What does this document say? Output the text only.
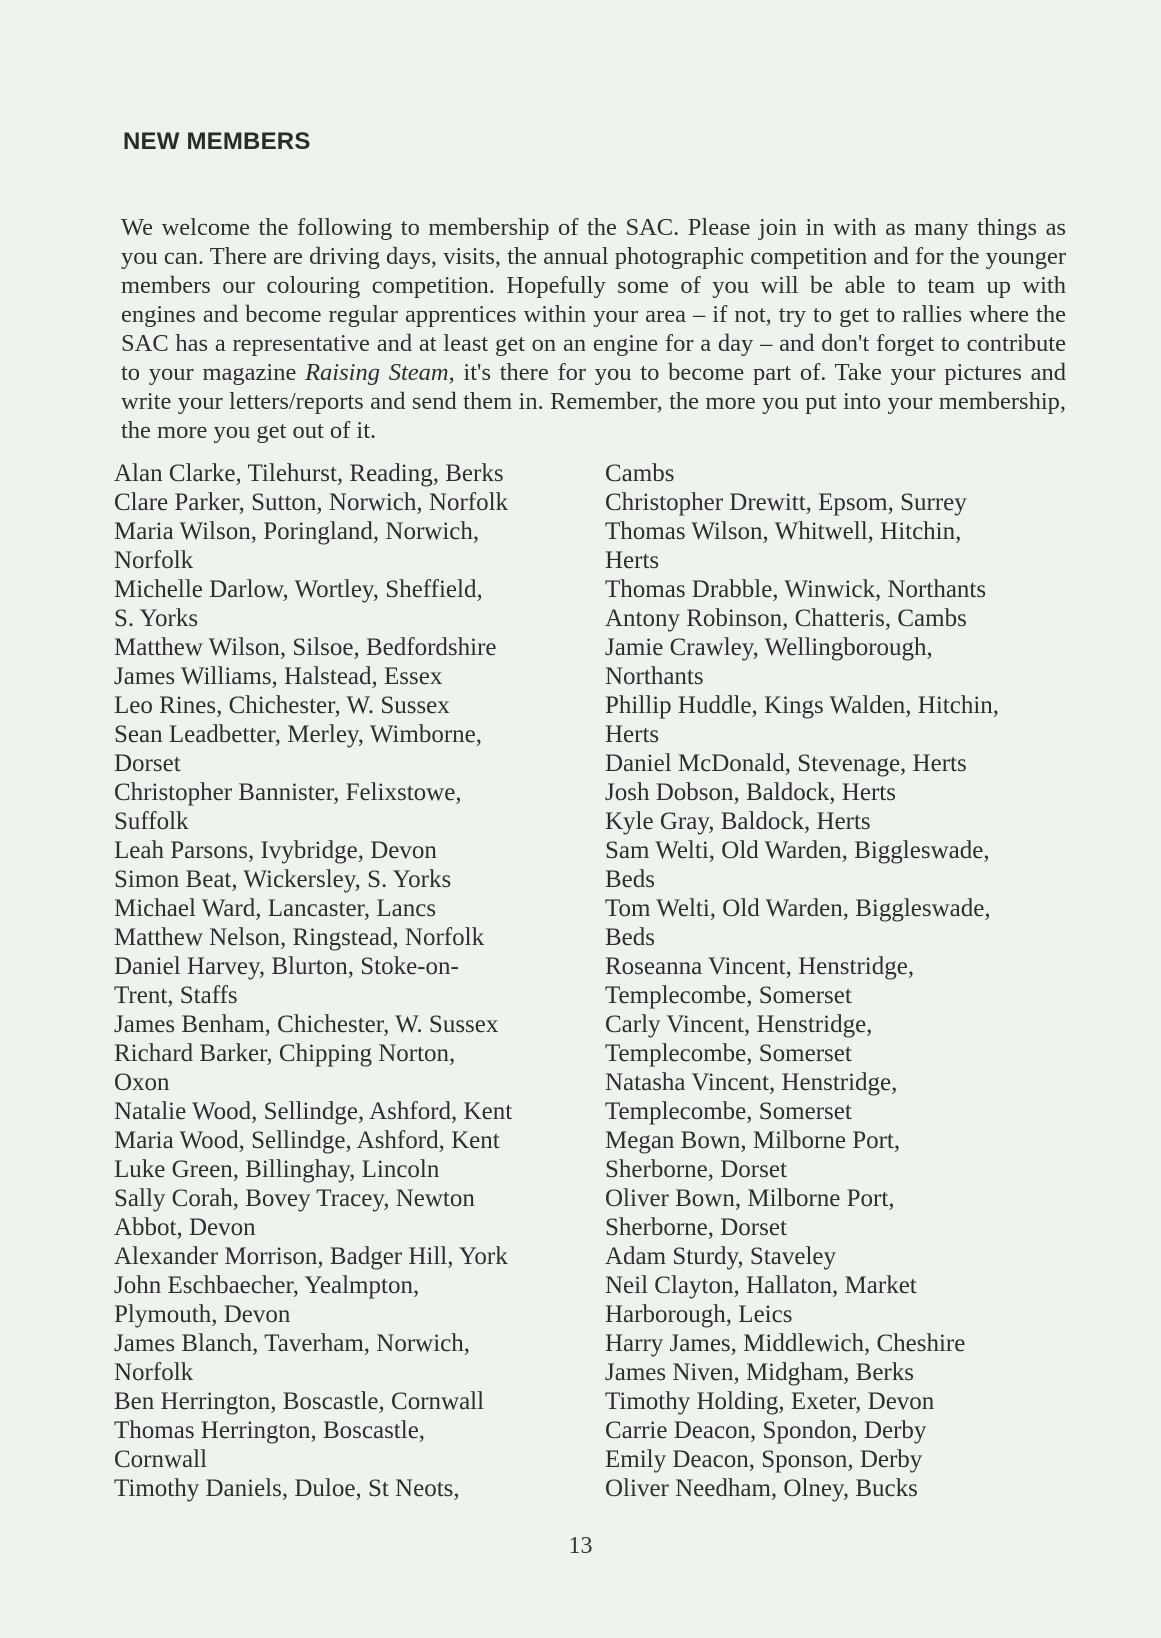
NEW MEMBERS

We welcome the following to membership of the SAC. Please join in with as many things as you can. There are driving days, visits, the annual photographic competition and for the younger members our colouring competition. Hopefully some of you will be able to team up with engines and become regular apprentices within your area – if not, try to get to rallies where the SAC has a representative and at least get on an engine for a day – and don't forget to contribute to your magazine Raising Steam, it's there for you to become part of. Take your pictures and write your letters/reports and send them in. Remember, the more you put into your membership, the more you get out of it.

Alan Clarke, Tilehurst, Reading, Berks
Clare Parker, Sutton, Norwich, Norfolk
Maria Wilson, Poringland, Norwich,
Norfolk
Michelle Darlow, Wortley, Sheffield,
S. Yorks
Matthew Wilson, Silsoe, Bedfordshire
James Williams, Halstead, Essex
Leo Rines, Chichester, W. Sussex
Sean Leadbetter, Merley, Wimborne,
Dorset
Christopher Bannister, Felixstowe,
Suffolk
Leah Parsons, Ivybridge, Devon
Simon Beat, Wickersley, S. Yorks
Michael Ward, Lancaster, Lancs
Matthew Nelson, Ringstead, Norfolk
Daniel Harvey, Blurton, Stoke-on-
Trent, Staffs
James Benham, Chichester, W. Sussex
Richard Barker, Chipping Norton,
Oxon
Natalie Wood, Sellindge, Ashford, Kent
Maria Wood, Sellindge, Ashford, Kent
Luke Green, Billinghay, Lincoln
Sally Corah, Bovey Tracey, Newton
Abbot, Devon
Alexander Morrison, Badger Hill, York
John Eschbaecher, Yealmpton,
Plymouth, Devon
James Blanch, Taverham, Norwich,
Norfolk
Ben Herrington, Boscastle, Cornwall
Thomas Herrington, Boscastle,
Cornwall
Timothy Daniels, Duloe, St Neots,
Cambs
Christopher Drewitt, Epsom, Surrey
Thomas Wilson, Whitwell, Hitchin,
Herts
Thomas Drabble, Winwick, Northants
Antony Robinson, Chatteris, Cambs
Jamie Crawley, Wellingborough,
Northants
Phillip Huddle, Kings Walden, Hitchin,
Herts
Daniel McDonald, Stevenage, Herts
Josh Dobson, Baldock, Herts
Kyle Gray, Baldock, Herts
Sam Welti, Old Warden, Biggleswade,
Beds
Tom Welti, Old Warden, Biggleswade,
Beds
Roseanna Vincent, Henstridge,
Templecombe, Somerset
Carly Vincent, Henstridge,
Templecombe, Somerset
Natasha Vincent, Henstridge,
Templecombe, Somerset
Megan Bown, Milborne Port,
Sherborne, Dorset
Oliver Bown, Milborne Port,
Sherborne, Dorset
Adam Sturdy, Staveley
Neil Clayton, Hallaton, Market
Harborough, Leics
Harry James, Middlewich, Cheshire
James Niven, Midgham, Berks
Timothy Holding, Exeter, Devon
Carrie Deacon, Spondon, Derby
Emily Deacon, Sponson, Derby
Oliver Needham, Olney, Bucks
13
